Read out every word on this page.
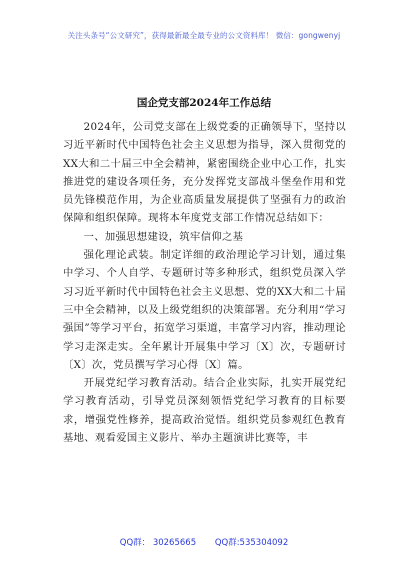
关注头条号“公文研究”，获得最新最全最专业的公文资料库！ 微信：gongwenyj
国企党支部2024年工作总结

2024年，公司党支部在上级党委的正确领导下，坚持以习近平新时代中国特色社会主义思想为指导，深入贯彻党的XX大和二十届三中全会精神，紧密围绕企业中心工作，扎实推进党的建设各项任务，充分发挥党支部战斗堡垒作用和党员先锋模范作用，为企业高质量发展提供了坚强有力的政治保障和组织保障。现将本年度党支部工作情况总结如下：

一、加强思想建设，筑牢信仰之基

强化理论武装。制定详细的政治理论学习计划，通过集中学习、个人自学、专题研讨等多种形式，组织党员深入学习习近平新时代中国特色社会主义思想、党的XX大和二十届三中全会精神，以及上级党组织的决策部署。充分利用“学习强国”等学习平台，拓宽学习渠道，丰富学习内容，推动理论学习走深走实。全年累计开展集中学习〔X〕次，专题研讨〔X〕次，党员撰写学习心得〔X〕篇。

开展党纪学习教育活动。结合企业实际，扎实开展党纪学习教育活动，引导党员深刻领悟党纪学习教育的目标要求，增强党性修养，提高政治觉悟。组织党员参观红色教育基地、观看爱国主义影片、举办主题演讲比赛等，丰

QQ群： 30265665 QQ群:535304092
